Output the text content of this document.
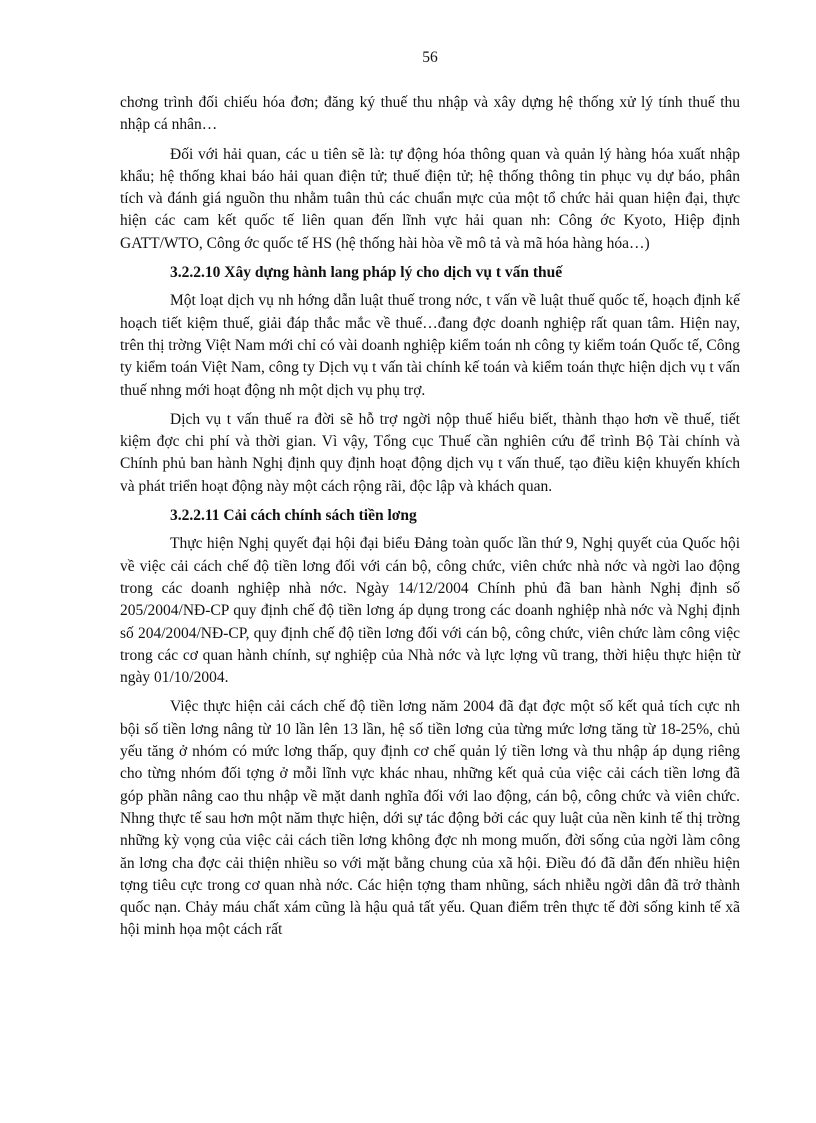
56

chơng trình đối chiếu hóa đơn; đăng ký thuế thu nhập và xây dựng hệ thống xử lý tính thuế thu nhập cá nhân…

Đối với hải quan, các u tiên sẽ là: tự động hóa thông quan và quản lý hàng hóa xuất nhập khẩu; hệ thống khai báo hải quan điện tử; thuế điện tử; hệ thống thông tin phục vụ dự báo, phân tích và đánh giá nguồn thu nhằm tuân thủ các chuẩn mực của một tổ chức hải quan hiện đại, thực hiện các cam kết quốc tế liên quan đến lĩnh vực hải quan nh: Công ớc Kyoto, Hiệp định GATT/WTO, Công ớc quốc tế HS (hệ thống hài hòa về mô tả và mã hóa hàng hóa…)

3.2.2.10 Xây dựng hành lang pháp lý cho dịch vụ t vấn thuế

Một loạt dịch vụ nh hớng dẫn luật thuế trong nớc, t vấn về luật thuế quốc tế, hoạch định kế hoạch tiết kiệm thuế, giải đáp thắc mắc về thuế…đang đợc doanh nghiệp rất quan tâm. Hiện nay, trên thị trờng Việt Nam mới chỉ có vài doanh nghiệp kiểm toán nh công ty kiểm toán Quốc tế, Công ty kiểm toán Việt Nam, công ty Dịch vụ t vấn tài chính kế toán và kiểm toán thực hiện dịch vụ t vấn thuế nhng mới hoạt động nh một dịch vụ phụ trợ.

Dịch vụ t vấn thuế ra đời sẽ hỗ trợ ngời nộp thuế hiểu biết, thành thạo hơn về thuế, tiết kiệm đợc chi phí và thời gian. Vì vậy, Tổng cục Thuế cần nghiên cứu để trình Bộ Tài chính và Chính phủ ban hành Nghị định quy định hoạt động dịch vụ t vấn thuế, tạo điều kiện khuyến khích và phát triển hoạt động này một cách rộng rãi, độc lập và khách quan.

3.2.2.11 Cải cách chính sách tiền lơng

Thực hiện Nghị quyết đại hội đại biểu Đảng toàn quốc lần thứ 9, Nghị quyết của Quốc hội về việc cải cách chế độ tiền lơng đối với cán bộ, công chức, viên chức nhà nớc và ngời lao động trong các doanh nghiệp nhà nớc. Ngày 14/12/2004 Chính phủ đã ban hành Nghị định số 205/2004/NĐ-CP quy định chế độ tiền lơng áp dụng trong các doanh nghiệp nhà nớc và Nghị định số 204/2004/NĐ-CP, quy định chế độ tiền lơng đối với cán bộ, công chức, viên chức làm công việc trong các cơ quan hành chính, sự nghiệp của Nhà nớc và lực lợng vũ trang, thời hiệu thực hiện từ ngày 01/10/2004.

Việc thực hiện cải cách chế độ tiền lơng năm 2004 đã đạt đợc một số kết quả tích cực nh bội số tiền lơng nâng từ 10 lần lên 13 lần, hệ số tiền lơng của từng mức lơng tăng từ 18-25%, chủ yếu tăng ở nhóm có mức lơng thấp, quy định cơ chế quản lý tiền lơng và thu nhập áp dụng riêng cho từng nhóm đối tợng ở mỗi lĩnh vực khác nhau, những kết quả của việc cải cách tiền lơng đã góp phần nâng cao thu nhập về mặt danh nghĩa đối với lao động, cán bộ, công chức và viên chức. Nhng thực tế sau hơn một năm thực hiện, dới sự tác động bởi các quy luật của nền kinh tế thị trờng những kỳ vọng của việc cải cách tiền lơng không đợc nh mong muốn, đời sống của ngời làm công ăn lơng cha đợc cải thiện nhiều so với mặt bằng chung của xã hội. Điều đó đã dẫn đến nhiều hiện tợng tiêu cực trong cơ quan nhà nớc. Các hiện tợng tham nhũng, sách nhiễu ngời dân đã trở thành quốc nạn. Chảy máu chất xám cũng là hậu quả tất yếu. Quan điểm trên thực tế đời sống kinh tế xã hội minh họa một cách rất
